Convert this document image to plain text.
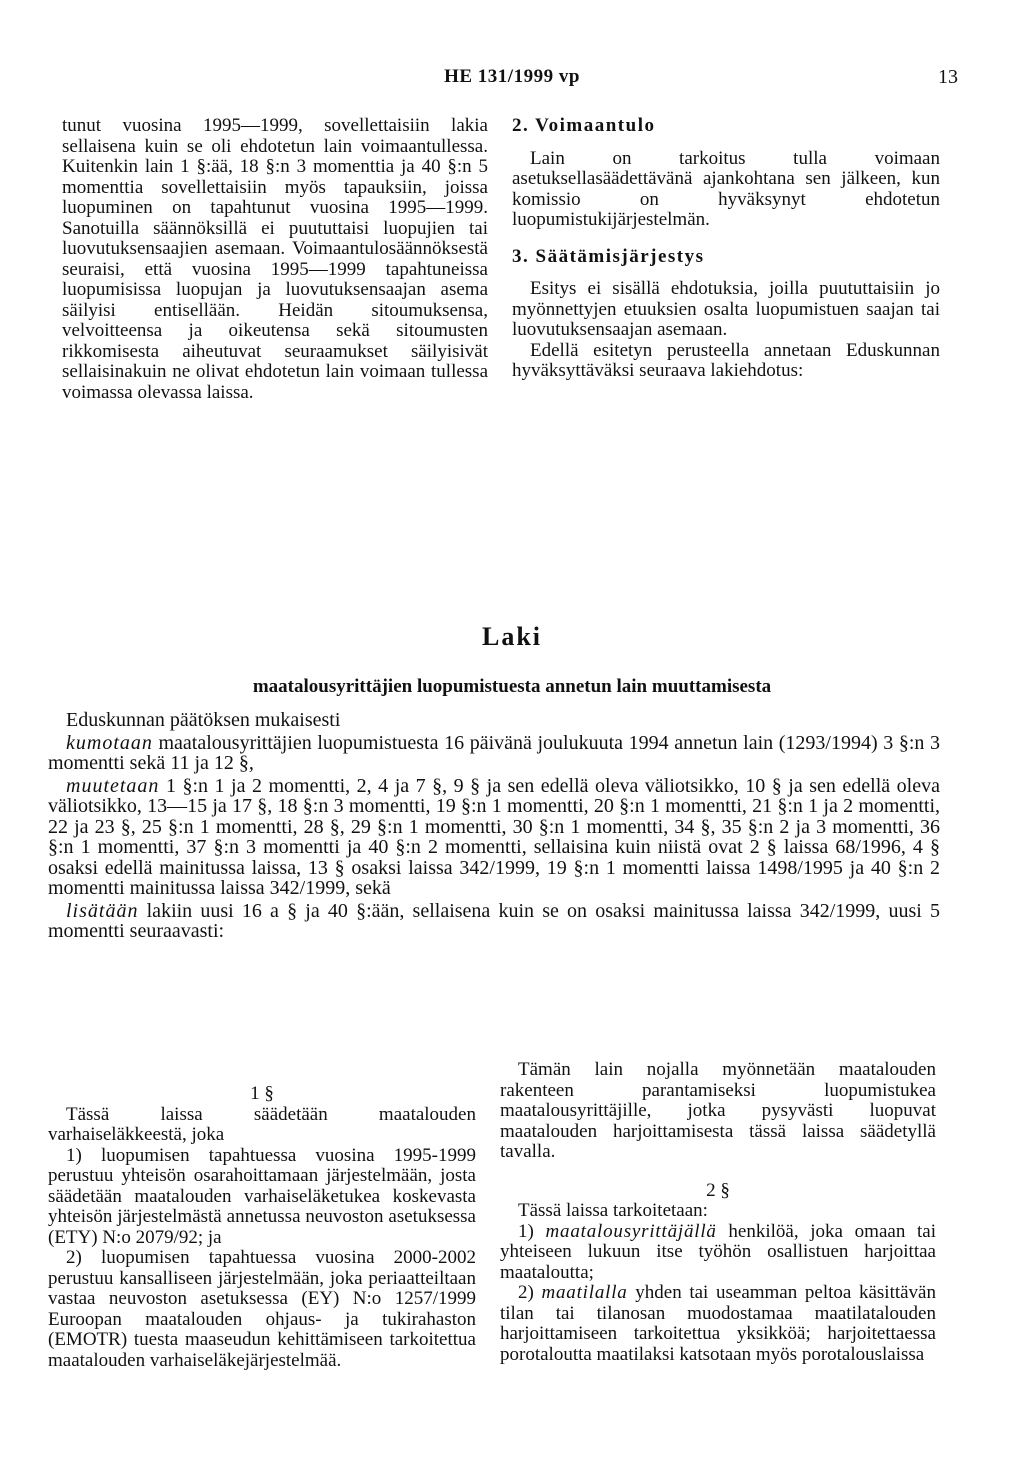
HE 131/1999 vp	13

tunut vuosina 1995—1999, sovellettaisiin lakia sellaisena kuin se oli ehdotetun lain voimaantullessa. Kuitenkin lain 1 §:ää, 18 §:n 3 momenttia ja 40 §:n 5 momenttia sovellettaisiin myös tapauksiin, joissa luopuminen on tapahtunut vuosina 1995—1999. Sanotuilla säännöksillä ei puututtaisi luopujien tai luovutuksensaajien asemaan. Voimaantulosäännöksestä seuraisi, että vuosina 1995—1999 tapahtuneissa luopumisissa luopujan ja luovutuksensaajan asema säilyisi entisellään. Heidän sitoumuksensa, velvoitteensa ja oikeutensa sekä sitoumusten rikkomisesta aiheutuvat seuraamukset säilyisivät sellaisinakuin ne olivat ehdotetun lain voimaan tullessa voimassa olevassa laissa.

2. Voimaantulo

Lain on tarkoitus tulla voimaan asetuksellasäädettävänä ajankohtana sen jälkeen, kun komissio on hyväksynyt ehdotetun luopumistukijärjestelmän.

3. Säätämisjärjestys

Esitys ei sisällä ehdotuksia, joilla puututtaisiin jo myönnettyjen etuuksien osalta luopumistuen saajan tai luovutuksensaajan asemaan.

Edellä esitetyn perusteella annetaan Eduskunnan hyväksyttäväksi seuraava lakiehdotus:

Laki
maatalousyrittäjien luopumistuesta annetun lain muuttamisesta

Eduskunnan päätöksen mukaisesti

kumotaan maatalousyrittäjien luopumistuesta 16 päivänä joulukuuta 1994 annetun lain (1293/1994) 3 §:n 3 momentti sekä 11 ja 12 §,

muutetaan 1 §:n 1 ja 2 momentti, 2, 4 ja 7 §, 9 § ja sen edellä oleva väliotsikko, 10 § ja sen edellä oleva väliotsikko, 13—15 ja 17 §, 18 §:n 3 momentti, 19 §:n 1 momentti, 20 §:n 1 momentti, 21 §:n 1 ja 2 momentti, 22 ja 23 §, 25 §:n 1 momentti, 28 §, 29 §:n 1 momentti, 30 §:n 1 momentti, 34 §, 35 §:n 2 ja 3 momentti, 36 §:n 1 momentti, 37 §:n 3 momentti ja 40 §:n 2 momentti, sellaisina kuin niistä ovat 2 § laissa 68/1996, 4 § osaksi edellä mainitussa laissa, 13 § osaksi laissa 342/1999, 19 §:n 1 momentti laissa 1498/1995 ja 40 §:n 2 momentti mainitussa laissa 342/1999, sekä

lisätään lakiin uusi 16 a § ja 40 §:ään, sellaisena kuin se on osaksi mainitussa laissa 342/1999, uusi 5 momentti seuraavasti:

1 §

Tässä laissa säädetään maatalouden varhaiseläkkeestä, joka

1) luopumisen tapahtuessa vuosina 1995-1999 perustuu yhteisön osarahoittamaan järjestelmään, josta säädetään maatalouden varhaiseläketukea koskevasta yhteisön järjestelmästä annetussa neuvoston asetuksessa (ETY) N:o 2079/92; ja

2) luopumisen tapahtuessa vuosina 2000-2002 perustuu kansalliseen järjestelmään, joka periaatteiltaan vastaa neuvoston asetuksessa (EY) N:o 1257/1999 Euroopan maatalouden ohjaus- ja tukirahaston (EMOTR) tuesta maaseudun kehittämiseen tarkoitettua maatalouden varhaiseläkejärjestelmää.

Tämän lain nojalla myönnetään maatalouden rakenteen parantamiseksi luopumistukea maatalousyrittäjille, jotka pysyvästi luopuvat maatalouden harjoittamisesta tässä laissa säädetyllä tavalla.

2 §

Tässä laissa tarkoitetaan:

1) maatalousyrittäjällä henkilöä, joka omaan tai yhteiseen lukuun itse työhön osallistuen harjoittaa maataloutta;

2) maatilalla yhden tai useamman peltoa käsittävän tilan tai tilanosan muodostamaa maatilatalouden harjoittamiseen tarkoitettua yksikköä; harjoitettaessa porotaloutta maatilaksi katsotaan myös porotalouslaissa
